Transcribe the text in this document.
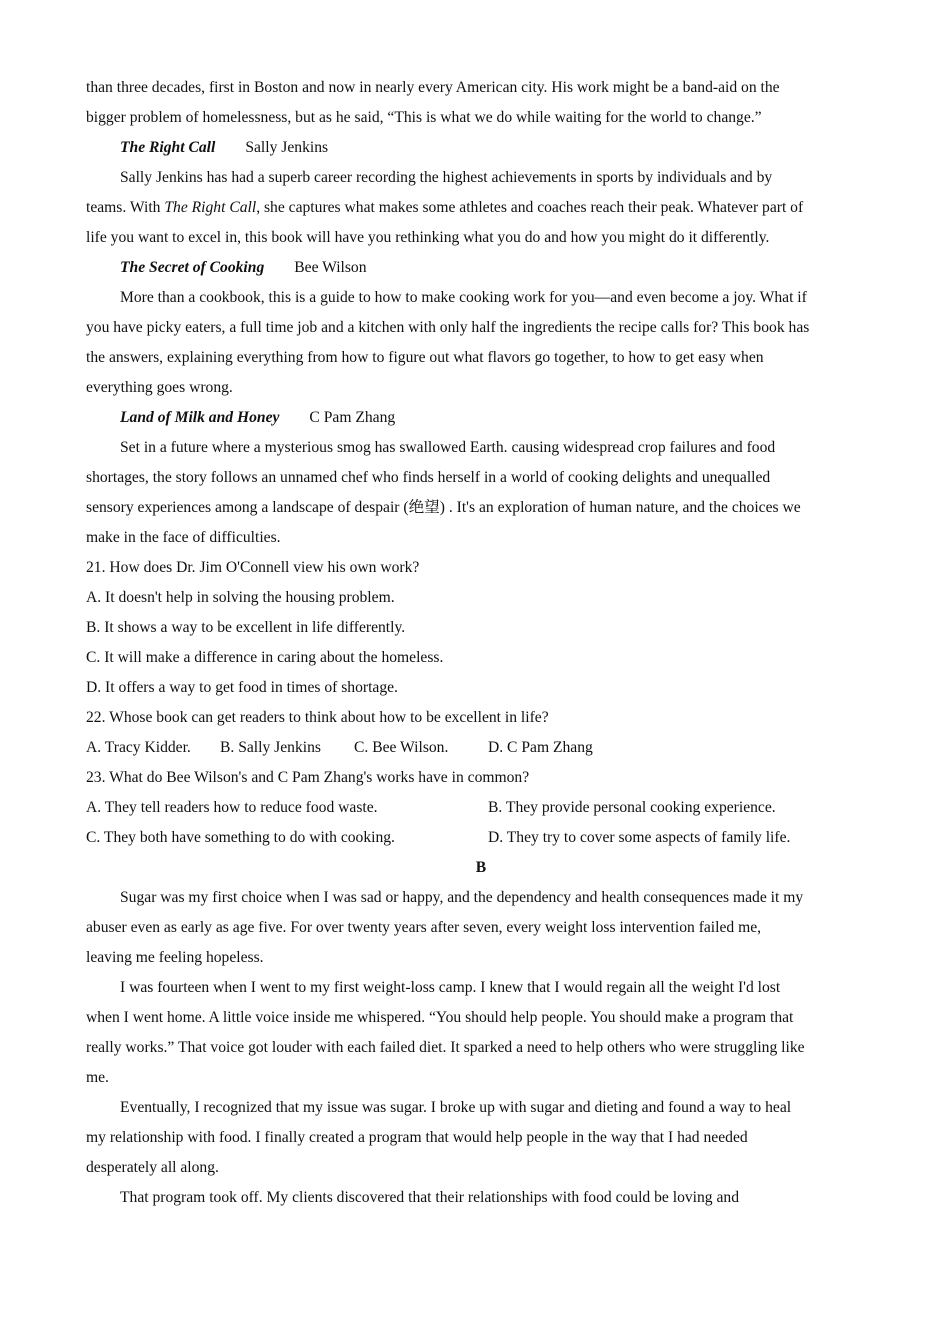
than three decades, first in Boston and now in nearly every American city. His work might be a band-aid on the
bigger problem of homelessness, but as he said, “This is what we do while waiting for the world to change.”
The Right Call Sally Jenkins
Sally Jenkins has had a superb career recording the highest achievements in sports by individuals and by
teams. With The Right Call, she captures what makes some athletes and coaches reach their peak. Whatever part of
life you want to excel in, this book will have you rethinking what you do and how you might do it differently.
The Secret of Cooking Bee Wilson
More than a cookbook, this is a guide to how to make cooking work for you—and even become a joy. What if
you have picky eaters, a full time job and a kitchen with only half the ingredients the recipe calls for? This book has
the answers, explaining everything from how to figure out what flavors go together, to how to get easy when
everything goes wrong.
Land of Milk and Honey C Pam Zhang
Set in a future where a mysterious smog has swallowed Earth. causing widespread crop failures and food
shortages, the story follows an unnamed chef who finds herself in a world of cooking delights and unequalled
sensory experiences among a landscape of despair (绝望) . It's an exploration of human nature, and the choices we
make in the face of difficulties.
21. How does Dr. Jim O'Connell view his own work?
A. It doesn't help in solving the housing problem.
B. It shows a way to be excellent in life differently.
C. It will make a difference in caring about the homeless.
D. It offers a way to get food in times of shortage.
22. Whose book can get readers to think about how to be excellent in life?
A. Tracy Kidder. B. Sally Jenkins C. Bee Wilson.	D. C Pam Zhang
23. What do Bee Wilson's and C Pam Zhang's works have in common?
A. They tell readers how to reduce food waste.	B. They provide personal cooking experience.
C. They both have something to do with cooking.	D. They try to cover some aspects of family life.
B
Sugar was my first choice when I was sad or happy, and the dependency and health consequences made it my
abuser even as early as age five. For over twenty years after seven, every weight loss intervention failed me,
leaving me feeling hopeless.
I was fourteen when I went to my first weight-loss camp. I knew that I would regain all the weight I'd lost
when I went home. A little voice inside me whispered. “You should help people. You should make a program that
really works.” That voice got louder with each failed diet. It sparked a need to help others who were struggling like
me.
Eventually, I recognized that my issue was sugar. I broke up with sugar and dieting and found a way to heal
my relationship with food. I finally created a program that would help people in the way that I had needed
desperately all along.
That program took off. My clients discovered that their relationships with food could be loving and
